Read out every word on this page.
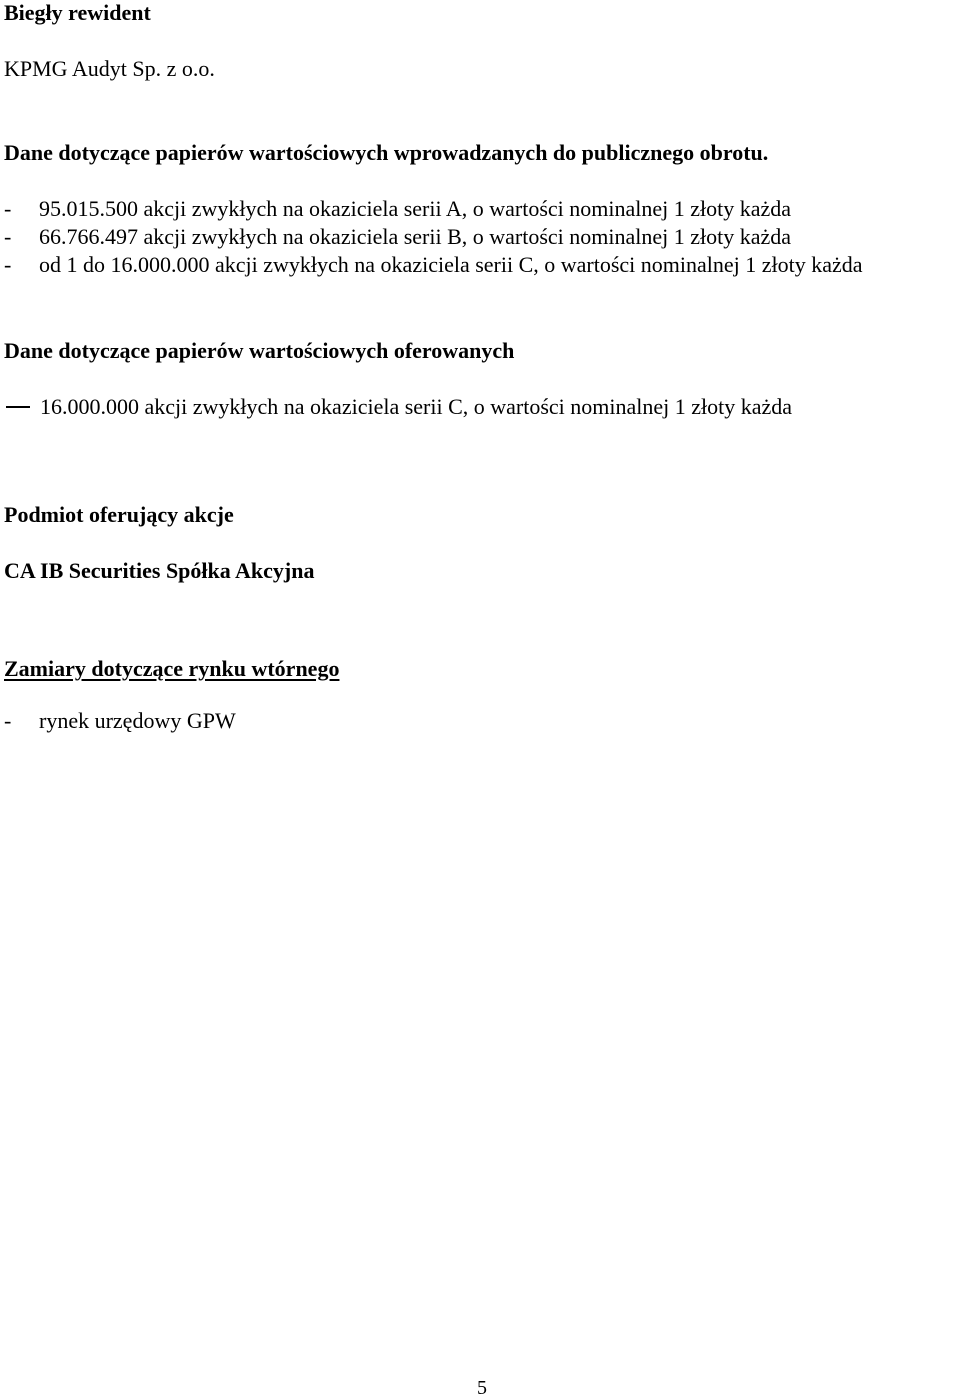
Biegły rewident
KPMG Audyt Sp. z o.o.
Dane dotyczące papierów wartościowych wprowadzanych do publicznego obrotu.
- 95.015.500 akcji zwykłych na okaziciela serii A, o wartości nominalnej 1 złoty każda
- 66.766.497 akcji zwykłych na okaziciela serii B, o wartości nominalnej 1 złoty każda
- od 1 do 16.000.000 akcji zwykłych na okaziciela serii C, o wartości nominalnej 1 złoty każda
Dane dotyczące papierów wartościowych oferowanych
16.000.000 akcji zwykłych na okaziciela serii C, o wartości nominalnej 1 złoty każda
Podmiot oferujący akcje
CA IB Securities Spółka Akcyjna
Zamiary dotyczące rynku wtórnego
- rynek urzędowy GPW
5
